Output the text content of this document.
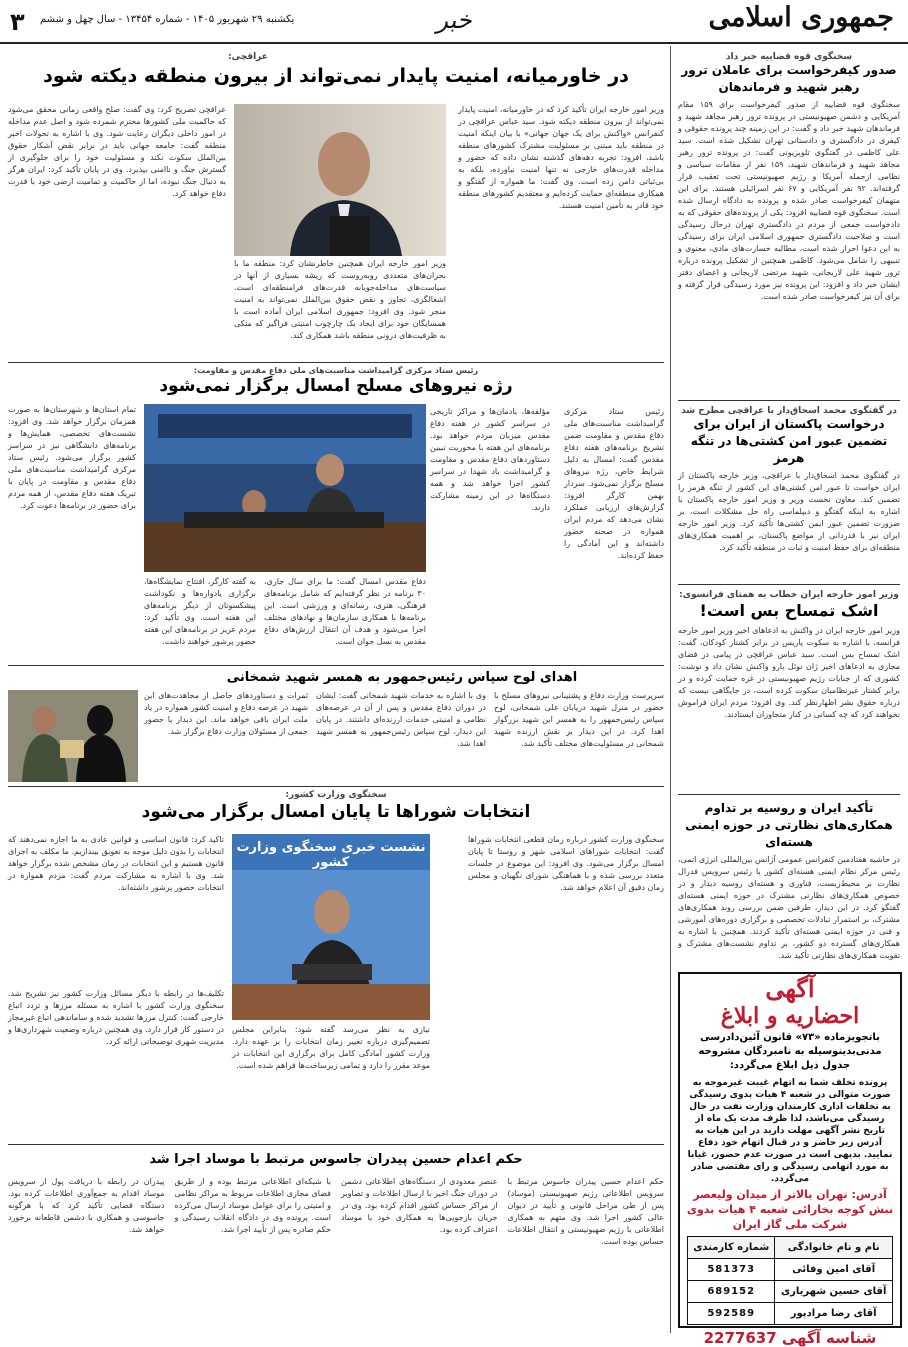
جمهوری اسلامی
خبر
یکشنبه ۲۹ شهریور ۱۴۰۵ - شماره ۱۳۴۵۴ - سال چهل و ششم
۳
سخنگوی قوه قضاییه خبر داد
صدور کیفرخواست برای عاملان ترور رهبر شهید و فرماندهان
سخنگوی قوه قضاییه از صدور کیفرخواست برای ۱۵۹ مقام آمریکایی و دشمن صهیونیستی در پرونده ترور رهبر مجاهد شهید و فرماندهان شهید خبر داد و گفت: در این زمینه چند پرونده حقوقی و کیفری در دادگستری و دادستانی تهران تشکیل شده است. سید علی کاظمی در گفتگوی تلویزیونی گفت: در پرونده ترور رهبر مجاهد شهید و فرماندهان شهید، ۱۵۹ نفر از مقامات سیاسی و نظامی ازجمله آمریکا و رژیم صهیونیستی تحت تعقیب قرار گرفته‌اند. ۹۲ نفر آمریکایی و ۶۷ نفر اسرائیلی هستند. برای این متهمان کیفرخواست صادر شده و پرونده به دادگاه ارسال شده است. سخنگوی قوه قضاییه افزود: یکی از پرونده‌های حقوقی که به دادخواست جمعی از مردم در دادگستری تهران درحال رسیدگی است و صلاحیت دادگستری جمهوری اسلامی ایران برای رسیدگی به این دعوا احراز شده است، مطالبه خسارت‌های مادی، معنوی و تنبیهی را شامل می‌شود. کاظمی همچنین از تشکیل پرونده درباره ترور شهید علی لاریجانی، شهید مرتضی لاریجانی و اعضای دفتر ایشان خبر داد و افزود: این پرونده نیز مورد رسیدگی قرار گرفته و برای آن نیز کیفرخواست صادر شده است.
در گفتگوی محمد اسحاق‌دار با عراقچی مطرح شد
درخواست پاکستان از ایران برای تضمین عبور امن کشتی‌ها در تنگه هرمز
در گفتگوی محمد اسحاق‌دار با عراقچی، وزیر خارجه پاکستان از ایران خواست تا عبور امن کشتی‌های این کشور از تنگه هرمز را تضمین کند. معاون نخست وزیر و وزیر امور خارجه پاکستان با اشاره به اینکه گفتگو و دیپلماسی راه حل مشکلات است، بر ضرورت تضمین عبور ایمن کشتی‌ها تأکید کرد. وزیر امور خارجه ایران نیز با قدردانی از مواضع پاکستان، بر اهمیت همکاری‌های منطقه‌ای برای حفظ امنیت و ثبات در منطقه تأکید کرد.
وزیر امور خارجه ایران خطاب به همتای فرانسوی:
اشک تمساح بس است!
وزیر امور خارجه ایران در واکنش به ادعاهای اخیر وزیر امور خارجه فرانسه، با اشاره به سکوت پاریس در برابر کشتار کودکان، گفت: اشک تمساح بس است. سید عباس عراقچی در پیامی در فضای مجازی به ادعاهای اخیر ژان نوئل بارو واکنش نشان داد و نوشت: کشوری که از جنایات رژیم صهیونیستی در غزه حمایت کرده و در برابر کشتار غیرنظامیان سکوت کرده است، در جایگاهی نیست که درباره حقوق بشر اظهارنظر کند. وی افزود: مردم ایران فراموش نخواهند کرد که چه کسانی در کنار متجاوزان ایستادند.
تأکید ایران و روسیه بر تداوم همکاری‌های نظارتی در حوزه ایمنی هسته‌ای
در حاشیه هفتادمین کنفرانس عمومی آژانس بین‌المللی انرژی اتمی، رئیس مرکز نظام ایمنی هسته‌ای کشور با رئیس سرویس فدرال نظارت بر محیط‌زیست، فناوری و هسته‌ای روسیه دیدار و در خصوص همکاری‌های نظارتی مشترک در حوزه ایمنی هسته‌ای گفتگو کرد. در این دیدار، طرفین ضمن بررسی روند همکاری‌های مشترک، بر استمرار تبادلات تخصصی و برگزاری دوره‌های آموزشی و فنی در حوزه ایمنی هسته‌ای تأکید کردند. همچنین با اشاره به همکاری‌های گسترده دو کشور، بر تداوم نشست‌های مشترک و تقویت همکاری‌های نظارتی تأکید شد.
آگهی
احضاریه و ابلاغ
باتجویزماده «۷۳» قانون آئین‌دادرسی مدنی‌بدینوسیله به نامبردگان مشروحه جدول ذیل ابلاغ می‌گردد:
پرونده تخلف شما به اتهام غیبت غیرموجه به صورت متوالی در شعبه ۴ هیات بدوی رسیدگی به تخلفات اداری کارمندان وزارت نفت در حال رسیدگی می‌باشد، لذا ظرف مدت یک ماه از تاریخ نشر آگهی مهلت دارید در این هیات به آدرس زیر حاضر و در قبال اتهام خود دفاع نمایید. بدیهی است در صورت عدم حضور، غیابا به مورد اتهامی رسیدگی و رای مقتضی صادر می‌گردد.
آدرس: تهران بالاتر از میدان ولیعصر نبش کوچه بخارائی شعبه ۴ هیات بدوی شرکت ملی گاز ایران
نام و نام خانوادگی	شماره کارمندی
آقای امین وفائی	581373
آقای حسین شهریاری	689152
آقای رضا مرادپور	592589
شناسه آگهی 2277637
عراقچی:
در خاورمیانه، امنیت پایدار نمی‌تواند از بیرون منطقه دیکته شود
وزیر امور خارجه ایران تأکید کرد که در خاورمیانه، امنیت پایدار نمی‌تواند از بیرون منطقه دیکته شود. سید عباس عراقچی در کنفرانس «واکنش برای یک جهان جهانی» با بیان اینکه امنیت در منطقه باید مبتنی بر مسئولیت مشترک کشورهای منطقه باشد، افزود: تجربه دهه‌های گذشته نشان داده که حضور و مداخله قدرت‌های خارجی نه تنها امنیت نیاورده، بلکه به بی‌ثباتی دامن زده است. وی گفت: ما همواره از گفتگو و همکاری منطقه‌ای حمایت کرده‌ایم و معتقدیم کشورهای منطقه خود قادر به تأمین امنیت هستند.
وزیر امور خارجه ایران همچنین خاطرنشان کرد: منطقه ما با بحران‌های متعددی روبه‌روست که ریشه بسیاری از آنها در سیاست‌های مداخله‌جویانه قدرت‌های فرامنطقه‌ای است. اشغالگری، تجاوز و نقض حقوق بین‌الملل نمی‌تواند به امنیت منجر شود. وی افزود: جمهوری اسلامی ایران آماده است با همسایگان خود برای ایجاد یک چارچوب امنیتی فراگیر که متکی به ظرفیت‌های درونی منطقه باشد همکاری کند.
عراقچی تصریح کرد: وی گفت: صلح واقعی زمانی محقق می‌شود که حاکمیت ملی کشورها محترم شمرده شود و اصل عدم مداخله در امور داخلی دیگران رعایت شود. وی با اشاره به تحولات اخیر منطقه گفت: جامعه جهانی باید در برابر نقض آشکار حقوق بین‌الملل سکوت نکند و مسئولیت خود را برای جلوگیری از گسترش جنگ و ناامنی بپذیرد. وی در پایان تأکید کرد: ایران هرگز به دنبال جنگ نبوده، اما از حاکمیت و تمامیت ارضی خود با قدرت دفاع خواهد کرد.
رئیس ستاد مرکزی گرامیداشت مناسبت‌های ملی دفاع مقدس و مقاومت:
رژه نیروهای مسلح امسال برگزار نمی‌شود
رئیس ستاد مرکزی گرامیداشت مناسبت‌های ملی دفاع مقدس و مقاومت ضمن تشریح برنامه‌های هفته دفاع مقدس گفت: امسال به دلیل شرایط خاص، رژه نیروهای مسلح برگزار نمی‌شود. سردار بهمن کارگر افزود: گزارش‌های ارزیابی عملکرد نشان می‌دهد که مردم ایران همواره در صحنه حضور داشته‌اند و این آمادگی را حفظ کرده‌اند.
مؤلفه‌ها، یادمان‌ها و مراکز تاریخی در سراسر کشور در هفته دفاع مقدس میزبان مردم خواهد بود. برنامه‌های این هفته با محوریت تبیین دستاوردهای دفاع مقدس و مقاومت و گرامیداشت یاد شهدا در سراسر کشور اجرا خواهد شد و همه دستگاه‌ها در این زمینه مشارکت دارند.
دفاع مقدس امسال گفت: ما برای سال جاری، ۳۰ برنامه در نظر گرفته‌ایم که شامل برنامه‌های فرهنگی، هنری، رسانه‌ای و ورزشی است. این برنامه‌ها با همکاری سازمان‌ها و نهادهای مختلف اجرا می‌شود و هدف آن انتقال ارزش‌های دفاع مقدس به نسل جوان است.
به گفته کارگر، افتتاح نمایشگاه‌ها، برگزاری یادواره‌ها و نکوداشت پیشکسوتان از دیگر برنامه‌های این هفته است. وی تأکید کرد: مردم عزیز در برنامه‌های این هفته حضور پرشور خواهند داشت.
تمام استان‌ها و شهرستان‌ها به صورت همزمان برگزار خواهد شد. وی افزود: نشست‌های تخصصی، همایش‌ها و برنامه‌های دانشگاهی نیز در سراسر کشور برگزار می‌شود. رئیس ستاد مرکزی گرامیداشت مناسبت‌های ملی دفاع مقدس و مقاومت در پایان با تبریک هفته دفاع مقدس، از همه مردم برای حضور در برنامه‌ها دعوت کرد.
اهدای لوح سپاس رئیس‌جمهور به همسر شهید شمخانی
سرپرست وزارت دفاع و پشتیبانی نیروهای مسلح با حضور در منزل شهید دریابان علی شمخانی، لوح سپاس رئیس‌جمهور را به همسر این شهید بزرگوار اهدا کرد. در این دیدار بر نقش ارزنده شهید شمخانی در مسئولیت‌های مختلف تأکید شد.
وی با اشاره به خدمات شهید شمخانی گفت: ایشان در دوران دفاع مقدس و پس از آن در عرصه‌های نظامی و امنیتی خدمات ارزنده‌ای داشتند. در پایان این دیدار، لوح سپاس رئیس‌جمهور به همسر شهید اهدا شد.
ثمرات و دستاوردهای حاصل از مجاهدت‌های این شهید در عرصه دفاع و امنیت کشور همواره در یاد ملت ایران باقی خواهد ماند. این دیدار با حضور جمعی از مسئولان وزارت دفاع برگزار شد.
سخنگوی وزارت کشور:
انتخابات شوراها تا پایان امسال برگزار می‌شود
سخنگوی وزارت کشور درباره زمان قطعی انتخابات شوراها گفت: انتخابات شوراهای اسلامی شهر و روستا تا پایان امسال برگزار می‌شود. وی افزود: این موضوع در جلسات متعدد بررسی شده و با هماهنگی شورای نگهبان و مجلس زمان دقیق آن اعلام خواهد شد.
نشست خبری سخنگوی وزارت کشور
نیازی به نظر می‌رسد گفته شود: بنابراین مجلس تصمیم‌گیری درباره تغییر زمان انتخابات را بر عهده دارد. وزارت کشور آمادگی کامل برای برگزاری این انتخابات در موعد مقرر را دارد و تمامی زیرساخت‌ها فراهم شده است.
تاکید کرد: قانون اساسی و قوانین عادی به ما اجازه نمی‌دهند که انتخابات را بدون دلیل موجه به تعویق بیندازیم. ما مکلف به اجرای قانون هستیم و این انتخابات در زمان مشخص شده برگزار خواهد شد. وی با اشاره به مشارکت مردم گفت: مردم همواره در انتخابات حضور پرشور داشته‌اند.
تکلیف‌ها در رابطه با دیگر مسائل وزارت کشور نیز تشریح شد. سخنگوی وزارت کشور با اشاره به مسئله مرزها و تردد اتباع خارجی گفت: کنترل مرزها تشدید شده و ساماندهی اتباع غیرمجاز در دستور کار قرار دارد. وی همچنین درباره وضعیت شهرداری‌ها و مدیریت شهری توضیحاتی ارائه کرد.
حکم اعدام حسین پیدران جاسوس مرتبط با موساد اجرا شد
حکم اعدام حسین پیدران جاسوس مرتبط با سرویس اطلاعاتی رژیم صهیونیستی (موساد) پس از طی مراحل قانونی و تأیید در دیوان عالی کشور اجرا شد. وی متهم به همکاری اطلاعاتی با رژیم صهیونیستی و انتقال اطلاعات حساس بوده است.
عنصر معدودی از دستگاه‌های اطلاعاتی دشمن در دوران جنگ اخیر با ارسال اطلاعات و تصاویر از مراکز حساس کشور اقدام کرده بود. وی در جریان بازجویی‌ها به همکاری خود با موساد اعتراف کرده بود.
با شبکه‌ای اطلاعاتی مرتبط بوده و از طریق فضای مجازی اطلاعات مربوط به مراکز نظامی و امنیتی را برای عوامل موساد ارسال می‌کرده است. پرونده وی در دادگاه انقلاب رسیدگی و حکم صادره پس از تأیید اجرا شد.
پیدران در رابطه با دریافت پول از سرویس موساد اقدام به جمع‌آوری اطلاعات کرده بود. دستگاه قضایی تأکید کرد که با هرگونه جاسوسی و همکاری با دشمن قاطعانه برخورد خواهد شد.
